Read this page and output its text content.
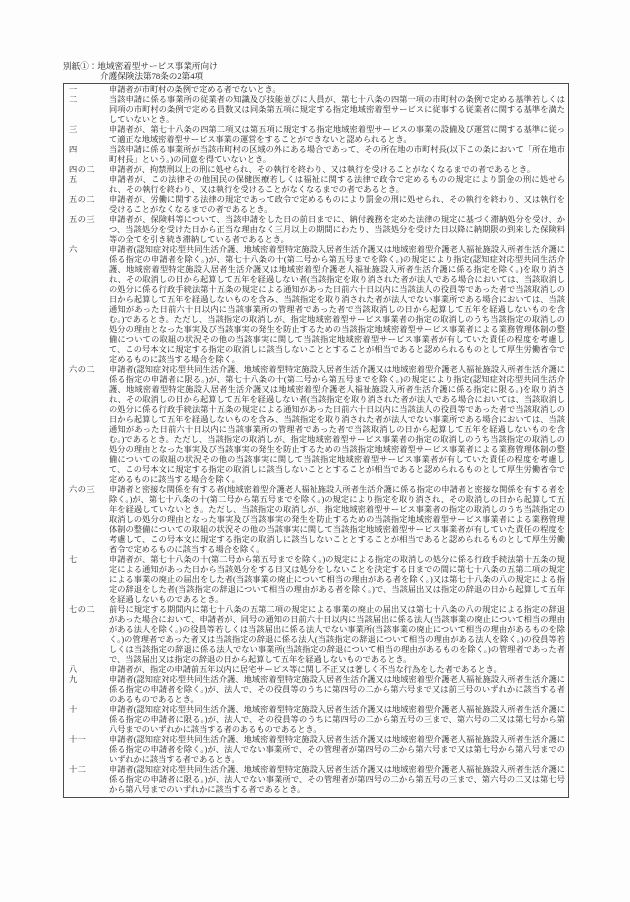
別紙①：地域密着型サービス事業所向け
介護保険法第78条の2第4項
一	申請者が市町村の条例で定める者でないとき。
二	当該申請に係る事業所の従業者の知識及び技能並びに人員が、第七十八条の四第一項の市町村の条例で定める基準若しくは同項の市町村の条例で定める員数又は同条第五項に規定する指定地域密着型サービスに従事する従業者に関する基準を満たしていないとき。
三	申請者が、第七十八条の四第二項又は第五項に規定する指定地域密着型サービスの事業の設備及び運営に関する基準に従って適正な地域密着型サービス事業の運営をすることができないと認められるとき。
四	当該申請に係る事業所が当該市町村の区域の外にある場合であって、その所在地の市町村長(以下この条において「所在地市町村長」という。)の同意を得ていないとき。
四の二	申請者が、拘禁刑以上の刑に処せられ、その執行を終わり、又は執行を受けることがなくなるまでの者であるとき。
五	申請者が、この法律その他国民の保健医療若しくは福祉に関する法律で政令で定めるものの規定により罰金の刑に処せられ、その執行を終わり、又は執行を受けることがなくなるまでの者であるとき。
五の二	申請者が、労働に関する法律の規定であって政令で定めるものにより罰金の刑に処せられ、その執行を終わり、又は執行を受けることがなくなるまでの者であるとき。
五の三	申請者が、保険料等について、当該申請をした日の前日までに、納付義務を定めた法律の規定に基づく滞納処分を受け、かつ、当該処分を受けた日から正当な理由なく三月以上の期間にわたり、当該処分を受けた日以降に納期限の到来した保険料等の全てを引き続き滞納している者であるとき。
六	申請者(認知症対応型共同生活介護、地域密着型特定施設入居者生活介護又は地域密着型介護老人福祉施設入所者生活介護に係る指定の申請者を除く。)が、第七十八条の十(第二号から第五号までを除く。)の規定により指定(認知症対応型共同生活介護、地域密着型特定施設入居者生活介護又は地域密着型介護老人福祉施設入所者生活介護に係る指定を除く。)を取り消され、その取消しの日から起算して五年を経過しない者(当該指定を取り消された者が法人である場合においては、当該取消しの処分に係る行政手続法第十五条の規定による通知があった日前六十日以内に当該法人の役員等であった者で当該取消しの日から起算して五年を経過しないものを含み、当該指定を取り消された者が法人でない事業所である場合においては、当該通知があった日前六十日以内に当該事業所の管理者であった者で当該取消しの日から起算して五年を経過しないものを含む。)であるとき。ただし、当該指定の取消しが、指定地域密着型サービス事業者の指定の取消しのうち当該指定の取消しの処分の理由となった事実及び当該事実の発生を防止するための当該指定地域密着型サービス事業者による業務管理体制の整備についての取組の状況その他の当該事実に関して当該指定地域密着型サービス事業者が有していた責任の程度を考慮して、この号本文に規定する指定の取消しに該当しないこととすることが相当であると認められるものとして厚生労働省令で定めるものに該当する場合を除く。
六の二	申請者(認知症対応型共同生活介護、地域密着型特定施設入居者生活介護又は地域密着型介護老人福祉施設入所者生活介護に係る指定の申請者に限る。)が、第七十八条の十(第二号から第五号までを除く。)の規定により指定(認知症対応型共同生活介護、地域密着型特定施設入居者生活介護又は地域密着型介護老人福祉施設入所者生活介護に係る指定に限る。)を取り消され、その取消しの日から起算して五年を経過しない者(当該指定を取り消された者が法人である場合においては、当該取消しの処分に係る行政手続法第十五条の規定による通知があった日前六十日以内に当該法人の役員等であった者で当該取消しの日から起算して五年を経過しないものを含み、当該指定を取り消された者が法人でない事業所である場合においては、当該通知があった日前六十日以内に当該事業所の管理者であった者で当該取消しの日から起算して五年を経過しないものを含む。)であるとき。ただし、当該指定の取消しが、指定地域密着型サービス事業者の指定の取消しのうち当該指定の取消しの処分の理由となった事実及び当該事実の発生を防止するための当該指定地域密着型サービス事業者による業務管理体制の整備についての取組の状況その他の当該事実に関して当該指定地域密着型サービス事業者が有していた責任の程度を考慮して、この号本文に規定する指定の取消しに該当しないこととすることが相当であると認められるものとして厚生労働省令で定めるものに該当する場合を除く。
六の三	申請者と密接な関係を有する者(地域密着型介護老人福祉施設入所者生活介護に係る指定の申請者と密接な関係を有する者を除く。)が、第七十八条の十(第二号から第五号までを除く。)の規定により指定を取り消され、その取消しの日から起算して五年を経過していないとき。ただし、当該指定の取消しが、指定地域密着型サービス事業者の指定の取消しのうち当該指定の取消しの処分の理由となった事実及び当該事実の発生を防止するための当該指定地域密着型サービス事業者による業務管理体制の整備についての取組の状況その他の当該事実に関して当該指定地域密着型サービス事業者が有していた責任の程度を考慮して、この号本文に規定する指定の取消しに該当しないこととすることが相当であると認められるものとして厚生労働省令で定めるものに該当する場合を除く。
七	申請者が、第七十八条の十(第二号から第五号までを除く。)の規定による指定の取消しの処分に係る行政手続法第十五条の規定による通知があった日から当該処分をする日又は処分をしないことを決定する日までの間に第七十八条の五第二項の規定による事業の廃止の届出をした者(当該事業の廃止について相当の理由がある者を除く。)又は第七十八条の八の規定による指定の辞退をした者(当該指定の辞退について相当の理由がある者を除く。)で、当該届出又は指定の辞退の日から起算して五年を経過しないものであるとき。
七の二	前号に規定する期間内に第七十八条の五第二項の規定による事業の廃止の届出又は第七十八条の八の規定による指定の辞退があった場合において、申請者が、同号の通知の日前六十日以内に当該届出に係る法人(当該事業の廃止について相当の理由がある法人を除く。)の役員等若しくは当該届出に係る法人でない事業所(当該事業の廃止について相当の理由があるものを除く。)の管理者であった者又は当該指定の辞退に係る法人(当該指定の辞退について相当の理由がある法人を除く。)の役員等若しくは当該指定の辞退に係る法人でない事業所(当該指定の辞退について相当の理由があるものを除く。)の管理者であった者で、当該届出又は指定の辞退の日から起算して五年を経過しないものであるとき。
八	申請者が、指定の申請前五年以内に居宅サービス等に関し不正又は著しく不当な行為をした者であるとき。
九	申請者(認知症対応型共同生活介護、地域密着型特定施設入居者生活介護又は地域密着型介護老人福祉施設入所者生活介護に係る指定の申請者を除く。)が、法人で、その役員等のうちに第四号の二から第六号まで又は前三号のいずれかに該当する者のあるものであるとき。
十	申請者(認知症対応型共同生活介護、地域密着型特定施設入居者生活介護又は地域密着型介護老人福祉施設入所者生活介護に係る指定の申請者に限る。)が、法人で、その役員等のうちに第四号の二から第五号の三まで、第六号の二又は第七号から第八号までのいずれかに該当する者のあるものであるとき。
十一	申請者(認知症対応型共同生活介護、地域密着型特定施設入居者生活介護又は地域密着型介護老人福祉施設入所者生活介護に係る指定の申請者を除く。)が、法人でない事業所で、その管理者が第四号の二から第六号まで又は第七号から第八号までのいずれかに該当する者であるとき。
十二	申請者(認知症対応型共同生活介護、地域密着型特定施設入居者生活介護又は地域密着型介護老人福祉施設入所者生活介護に係る指定の申請者に限る。)が、法人でない事業所で、その管理者が第四号の二から第五号の三まで、第六号の二又は第七号から第八号までのいずれかに該当する者であるとき。
